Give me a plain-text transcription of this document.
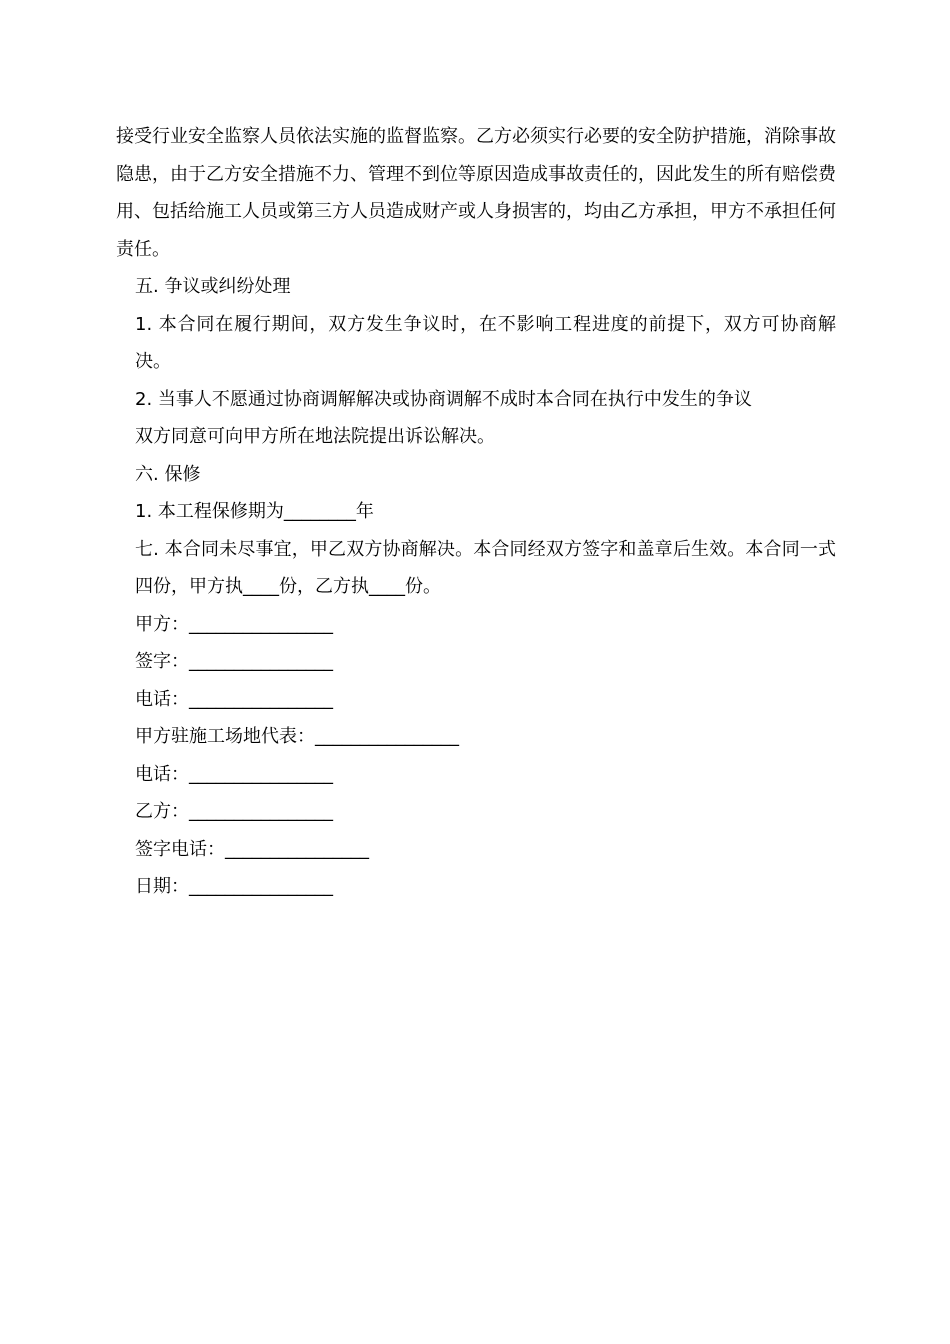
接受行业安全监察人员依法实施的监督监察。乙方必须实行必要的安全防护措施，消除事故隐患，由于乙方安全措施不力、管理不到位等原因造成事故责任的，因此发生的所有赔偿费用、包括给施工人员或第三方人员造成财产或人身损害的，均由乙方承担，甲方不承担任何责任。

五. 争议或纠纷处理

1. 本合同在履行期间，双方发生争议时，在不影响工程进度的前提下，双方可协商解决。

2. 当事人不愿通过协商调解解决或协商调解不成时本合同在执行中发生的争议

双方同意可向甲方所在地法院提出诉讼解决。

六. 保修

1. 本工程保修期为________年

七. 本合同未尽事宜，甲乙双方协商解决。本合同经双方签字和盖章后生效。本合同一式四份，甲方执____份，乙方执____份。

甲方：________________

签字：________________

电话：________________

甲方驻施工场地代表：________________

电话：________________

乙方：________________

签字电话：________________

日期：________________
